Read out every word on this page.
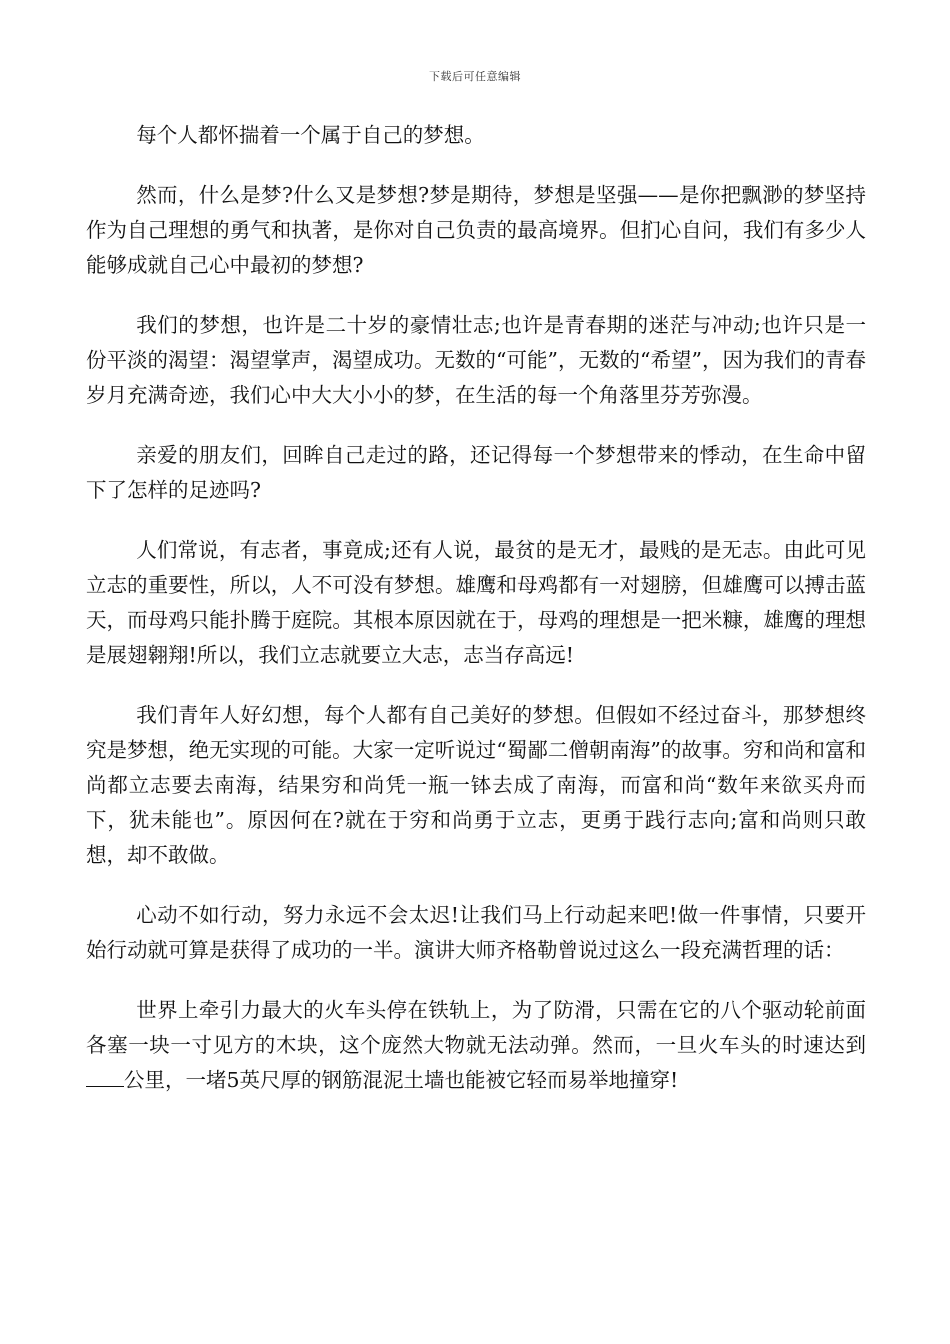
下载后可任意编辑

每个人都怀揣着一个属于自己的梦想。

然而，什么是梦?什么又是梦想?梦是期待，梦想是坚强——是你把飘渺的梦坚持作为自己理想的勇气和执著，是你对自己负责的最高境界。但扪心自问，我们有多少人能够成就自己心中最初的梦想?

我们的梦想，也许是二十岁的豪情壮志;也许是青春期的迷茫与冲动;也许只是一份平淡的渴望：渴望掌声，渴望成功。无数的“可能”，无数的“希望”，因为我们的青春岁月充满奇迹，我们心中大大小小的梦，在生活的每一个角落里芬芳弥漫。

亲爱的朋友们，回眸自己走过的路，还记得每一个梦想带来的悸动，在生命中留下了怎样的足迹吗?

人们常说，有志者，事竟成;还有人说，最贫的是无才，最贱的是无志。由此可见立志的重要性，所以，人不可没有梦想。雄鹰和母鸡都有一对翅膀，但雄鹰可以搏击蓝天，而母鸡只能扑腾于庭院。其根本原因就在于，母鸡的理想是一把米糠，雄鹰的理想是展翅翱翔!所以，我们立志就要立大志，志当存高远!

我们青年人好幻想，每个人都有自己美好的梦想。但假如不经过奋斗，那梦想终究是梦想，绝无实现的可能。大家一定听说过“蜀鄙二僧朝南海”的故事。穷和尚和富和尚都立志要去南海，结果穷和尚凭一瓶一钵去成了南海，而富和尚“数年来欲买舟而下，犹未能也”。原因何在?就在于穷和尚勇于立志，更勇于践行志向;富和尚则只敢想，却不敢做。

心动不如行动，努力永远不会太迟!让我们马上行动起来吧!做一件事情，只要开始行动就可算是获得了成功的一半。演讲大师齐格勒曾说过这么一段充满哲理的话：

世界上牵引力最大的火车头停在铁轨上，为了防滑，只需在它的八个驱动轮前面各塞一块一寸见方的木块，这个庞然大物就无法动弹。然而，一旦火车头的时速达到公里，一堵5英尺厚的钢筋混泥土墙也能被它轻而易举地撞穿!
